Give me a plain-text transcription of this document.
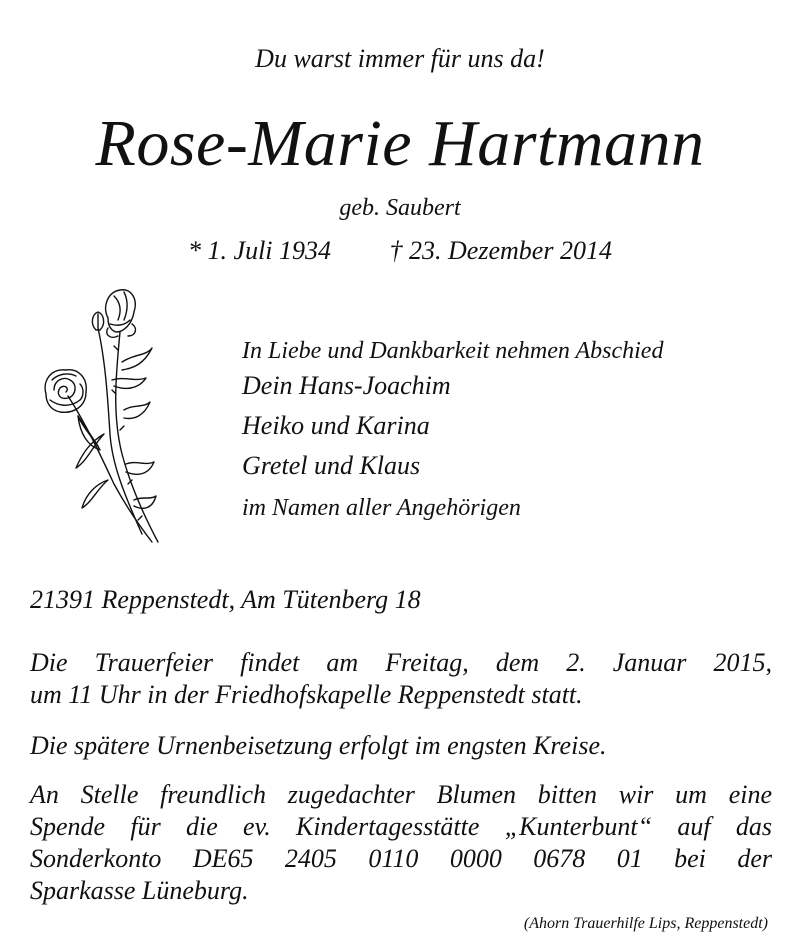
Du warst immer für uns da!
Rose-Marie Hartmann
geb. Saubert
* 1. Juli 1934 † 23. Dezember 2014
In Liebe und Dankbarkeit nehmen Abschied
Dein Hans-Joachim
Heiko und Karina
Gretel und Klaus
im Namen aller Angehörigen
21391 Reppenstedt, Am Tütenberg 18
Die Trauerfeier findet am Freitag, dem 2. Januar 2015,
um 11 Uhr in der Friedhofskapelle Reppenstedt statt.
Die spätere Urnenbeisetzung erfolgt im engsten Kreise.
An Stelle freundlich zugedachter Blumen bitten wir um eine
Spende für die ev. Kindertagesstätte „Kunterbunt“ auf das
Sonderkonto DE65 2405 0110 0000 0678 01 bei der
Sparkasse Lüneburg.
(Ahorn Trauerhilfe Lips, Reppenstedt)
